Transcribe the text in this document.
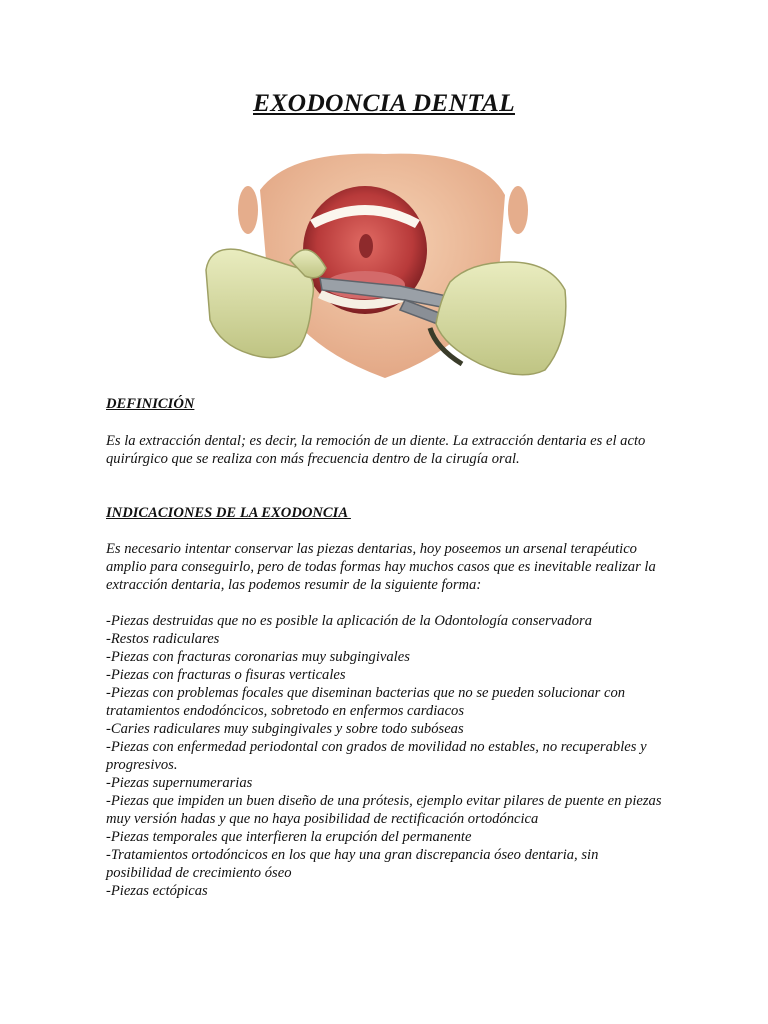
EXODONCIA DENTAL

DEFINICIÓN

Es la extracción dental; es decir, la remoción de un diente. La extracción dentaria es el acto quirúrgico que se realiza con más frecuencia dentro de la cirugía oral.

INDICACIONES DE LA EXODONCIA

Es necesario intentar conservar las piezas dentarias, hoy poseemos un arsenal terapéutico amplio para conseguirlo, pero de todas formas hay muchos casos que es inevitable realizar la extracción dentaria, las podemos resumir de la siguiente forma:

-Piezas destruidas que no es posible la aplicación de la Odontología conservadora
-Restos radiculares
-Piezas con fracturas coronarias muy subgingivales
-Piezas con fracturas o fisuras verticales
-Piezas con problemas focales que diseminan bacterias que no se pueden solucionar con tratamientos endodóncicos, sobretodo en enfermos cardiacos
-Caries radiculares muy subgingivales y sobre todo subóseas
-Piezas con enfermedad periodontal con grados de movilidad no estables, no recuperables y progresivos.
-Piezas supernumerarias
-Piezas que impiden un buen diseño de una prótesis, ejemplo evitar pilares de puente en piezas muy versión hadas y que no haya posibilidad de rectificación ortodóncica
-Piezas temporales que interfieren la erupción del permanente
-Tratamientos ortodóncicos en los que hay una gran discrepancia óseo dentaria, sin posibilidad de crecimiento óseo
-Piezas ectópicas
